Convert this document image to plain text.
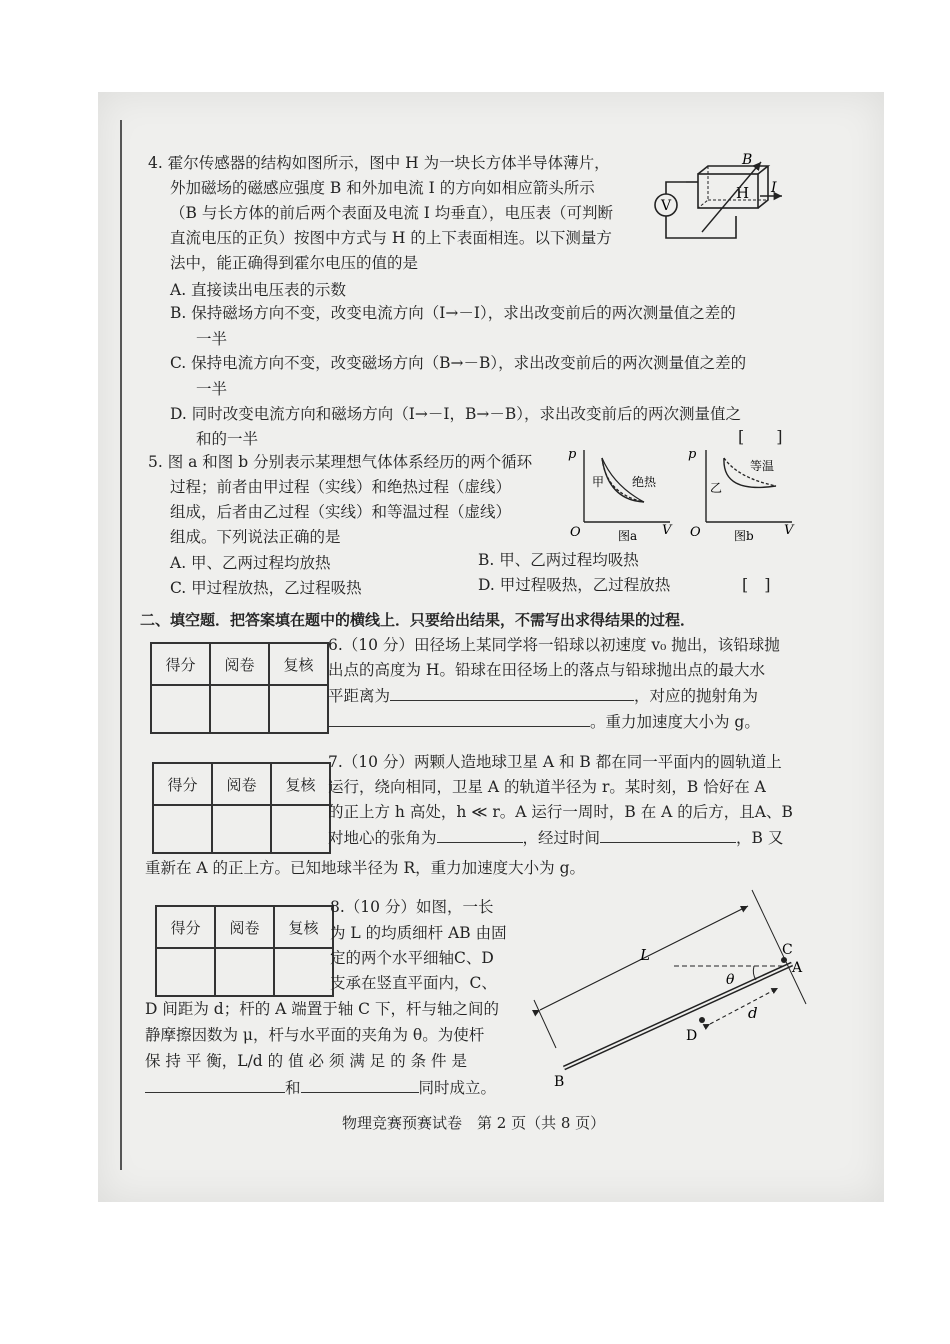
4. 霍尔传感器的结构如图所示，图中 H 为一块长方体半导体薄片，
外加磁场的磁感应强度 B 和外加电流 I 的方向如相应箭头所示
（B 与长方体的前后两个表面及电流 I 均垂直），电压表（可判断
直流电压的正负）按图中方式与 H 的上下表面相连。以下测量方
法中，能正确得到霍尔电压的值的是
A. 直接读出电压表的示数
B. 保持磁场方向不变，改变电流方向（I→－I），求出改变前后的两次测量值之差的
一半
C. 保持电流方向不变，改变磁场方向（B→－B），求出改变前后的两次测量值之差的
一半
D. 同时改变电流方向和磁场方向（I→－I，B→－B），求出改变前后的两次测量值之
和的一半	[　　]
V
H
B
I
5. 图 a 和图 b 分别表示某理想气体体系经历的两个循环
过程；前者由甲过程（实线）和绝热过程（虚线）
组成，后者由乙过程（实线）和等温过程（虚线）
组成。下列说法正确的是
A. 甲、乙两过程均放热	B. 甲、乙两过程均吸热
C. 甲过程放热，乙过程吸热	D. 甲过程吸热，乙过程放热	[　]
p
O	V
甲 绝热
图a
p
O	V
乙
等温
图b
二、填空题．把答案填在题中的横线上．只要给出结果，不需写出求得结果的过程．
得分	阅卷	复核

6.（10 分）田径场上某同学将一铅球以初速度 v₀ 抛出，该铅球抛
出点的高度为 H。铅球在田径场上的落点与铅球抛出点的最大水
平距离为	，对应的抛射角为
。重力加速度大小为 g。
得分	阅卷	复核

7.（10 分）两颗人造地球卫星 A 和 B 都在同一平面内的圆轨道上
运行，绕向相同，卫星 A 的轨道半径为 r。某时刻，B 恰好在 A
的正上方 h 高处，h ≪ r。A 运行一周时，B 在 A 的后方，且A、B
对地心的张角为	，经过时间	，B 又
重新在 A 的正上方。已知地球半径为 R，重力加速度大小为 g。
得分	阅卷	复核

8.（10 分）如图，一长
为 L 的均质细杆 AB 由固
定的两个水平细轴C、D
支承在竖直平面内，C、
D 间距为 d；杆的 A 端置于轴 C 下，杆与轴之间的
静摩擦因数为 μ，杆与水平面的夹角为 θ。为使杆
保 持 平 衡，L/d 的 值 必 须 满 足 的 条 件 是
和	同时成立。
L
θ
C
A
D
d
B
物理竞赛预赛试卷　第 2 页（共 8 页）
